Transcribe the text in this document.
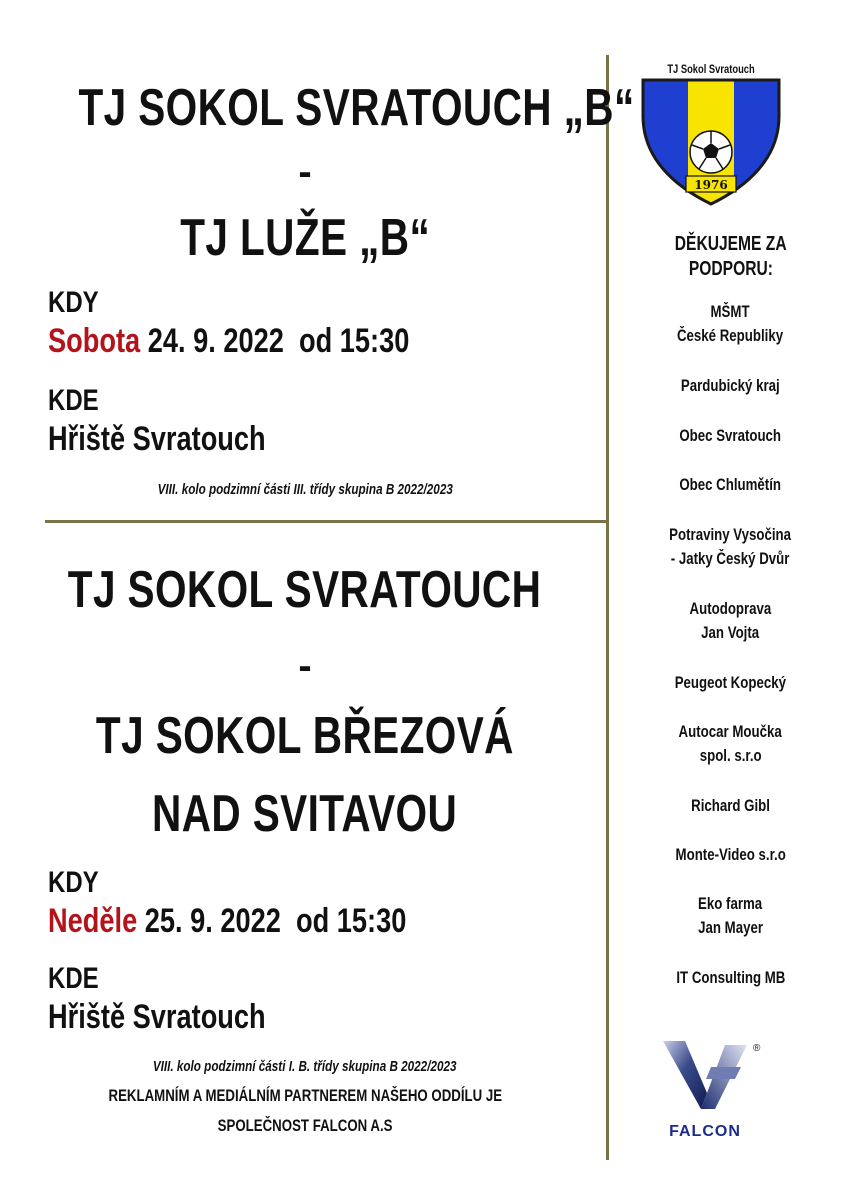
TJ SOKOL SVRATOUCH „B“
-
TJ LUŽE „B“
KDY
Sobota 24. 9. 2022  od 15:30
KDE
Hřiště Svratouch
VIII. kolo podzimní části III. třídy skupina B 2022/2023
TJ SOKOL SVRATOUCH
-
TJ SOKOL BŘEZOVÁ
NAD SVITAVOU
KDY
Neděle 25. 9. 2022  od 15:30
KDE
Hřiště Svratouch
VIII. kolo podzimní části I. B. třídy skupina B 2022/2023
REKLAMNÍM A MEDIÁLNÍM PARTNEREM NAŠEHO ODDÍLU JE
SPOLEČNOST FALCON A.S
TJ Sokol Svratouch
1976
DĚKUJEME ZA
PODPORU:
MŠMT
České Republiky
Pardubický kraj
Obec Svratouch
Obec Chlumětín
Potraviny Vysočina
- Jatky Český Dvůr
Autodoprava
Jan Vojta
Peugeot Kopecký
Autocar Moučka
spol. s.r.o
Richard Gibl
Monte-Video s.r.o
Eko farma
Jan Mayer
IT Consulting MB
®
FALCON
